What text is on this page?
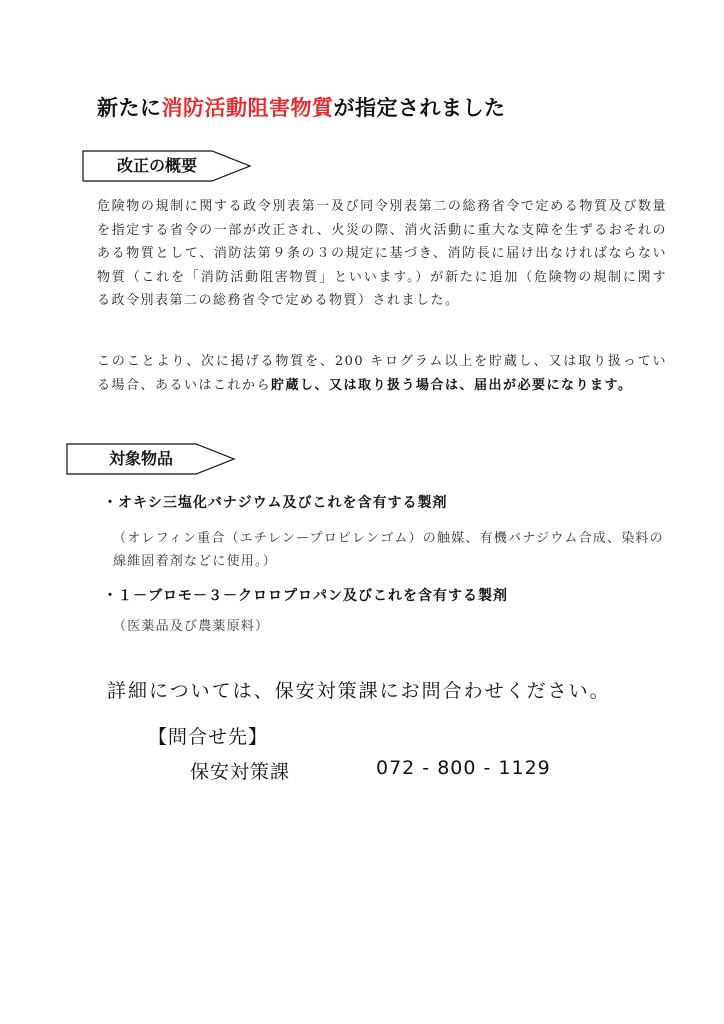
新たに消防活動阻害物質が指定されました
改正の概要
危険物の規制に関する政令別表第一及び同令別表第二の総務省令で定める物質及び数量を指定する省令の一部が改正され、火災の際、消火活動に重大な支障を生ずるおそれのある物質として、消防法第９条の３の規定に基づき、消防長に届け出なければならない物質（これを「消防活動阻害物質」といいます。）が新たに追加（危険物の規制に関する政令別表第二の総務省令で定める物質）されました。
このことより、次に掲げる物質を、200 キログラム以上を貯蔵し、又は取り扱っている場合、あるいはこれから貯蔵し、又は取り扱う場合は、届出が必要になります。
対象物品
・オキシ三塩化バナジウム及びこれを含有する製剤
（オレフィン重合（エチレンープロピレンゴム）の触媒、有機バナジウム合成、染料の線維固着剤などに使用。）
・１－ブロモ－３－クロロプロパン及びこれを含有する製剤
（医薬品及び農薬原料）
詳細については、保安対策課にお問合わせください。
【問合せ先】
保安対策課	072 - 800 - 1129
